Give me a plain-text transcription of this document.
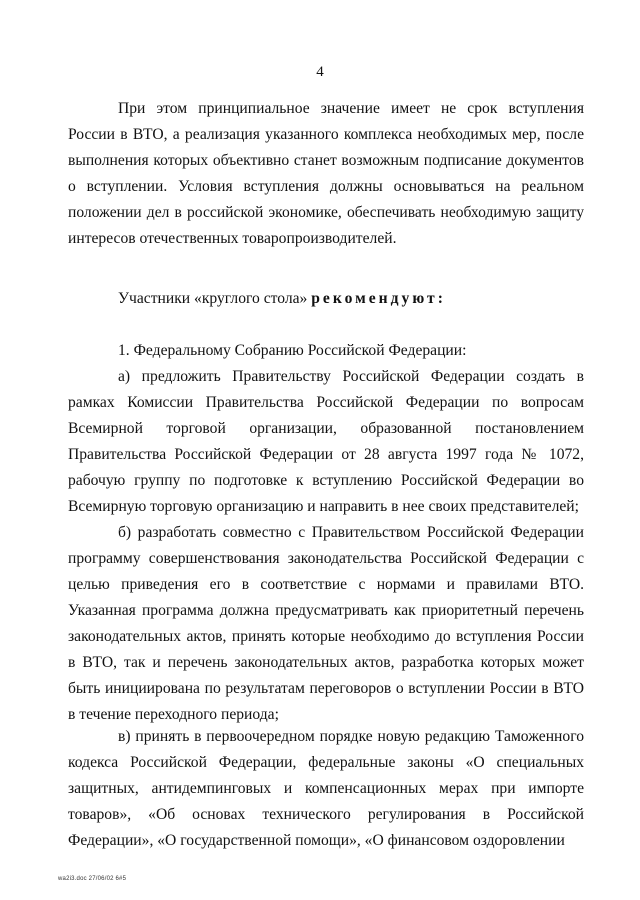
4

При этом принципиальное значение имеет не срок вступления России в ВТО, а реализация указанного комплекса необходимых мер, после выполнения которых объективно станет возможным подписание документов о вступлении. Условия вступления должны основываться на реальном положении дел в российской экономике, обеспечивать необходимую защиту интересов отечественных товаропроизводителей.

Участники «круглого стола» рекомендуют:

1. Федеральному Собранию Российской Федерации:

а) предложить Правительству Российской Федерации создать в рамках Комиссии Правительства Российской Федерации по вопросам Всемирной торговой организации, образованной постановлением Правительства Российской Федерации от 28 августа 1997 года № 1072, рабочую группу по подготовке к вступлению Российской Федерации во Всемирную торговую организацию и направить в нее своих представителей;

б) разработать совместно с Правительством Российской Федерации программу совершенствования законодательства Российской Федерации с целью приведения его в соответствие с нормами и правилами ВТО. Указанная программа должна предусматривать как приоритетный перечень законодательных актов, принять которые необходимо до вступления России в ВТО, так и перечень законодательных актов, разработка которых может быть инициирована по результатам переговоров о вступлении России в ВТО в течение переходного периода;

в) принять в первоочередном порядке новую редакцию Таможенного кодекса Российской Федерации, федеральные законы «О специальных защитных, антидемпинговых и компенсационных мерах при импорте товаров», «Об основах технического регулирования в Российской Федерации», «О государственной помощи», «О финансовом оздоровлении

wa2i3.doc 27/06/02 6#5
